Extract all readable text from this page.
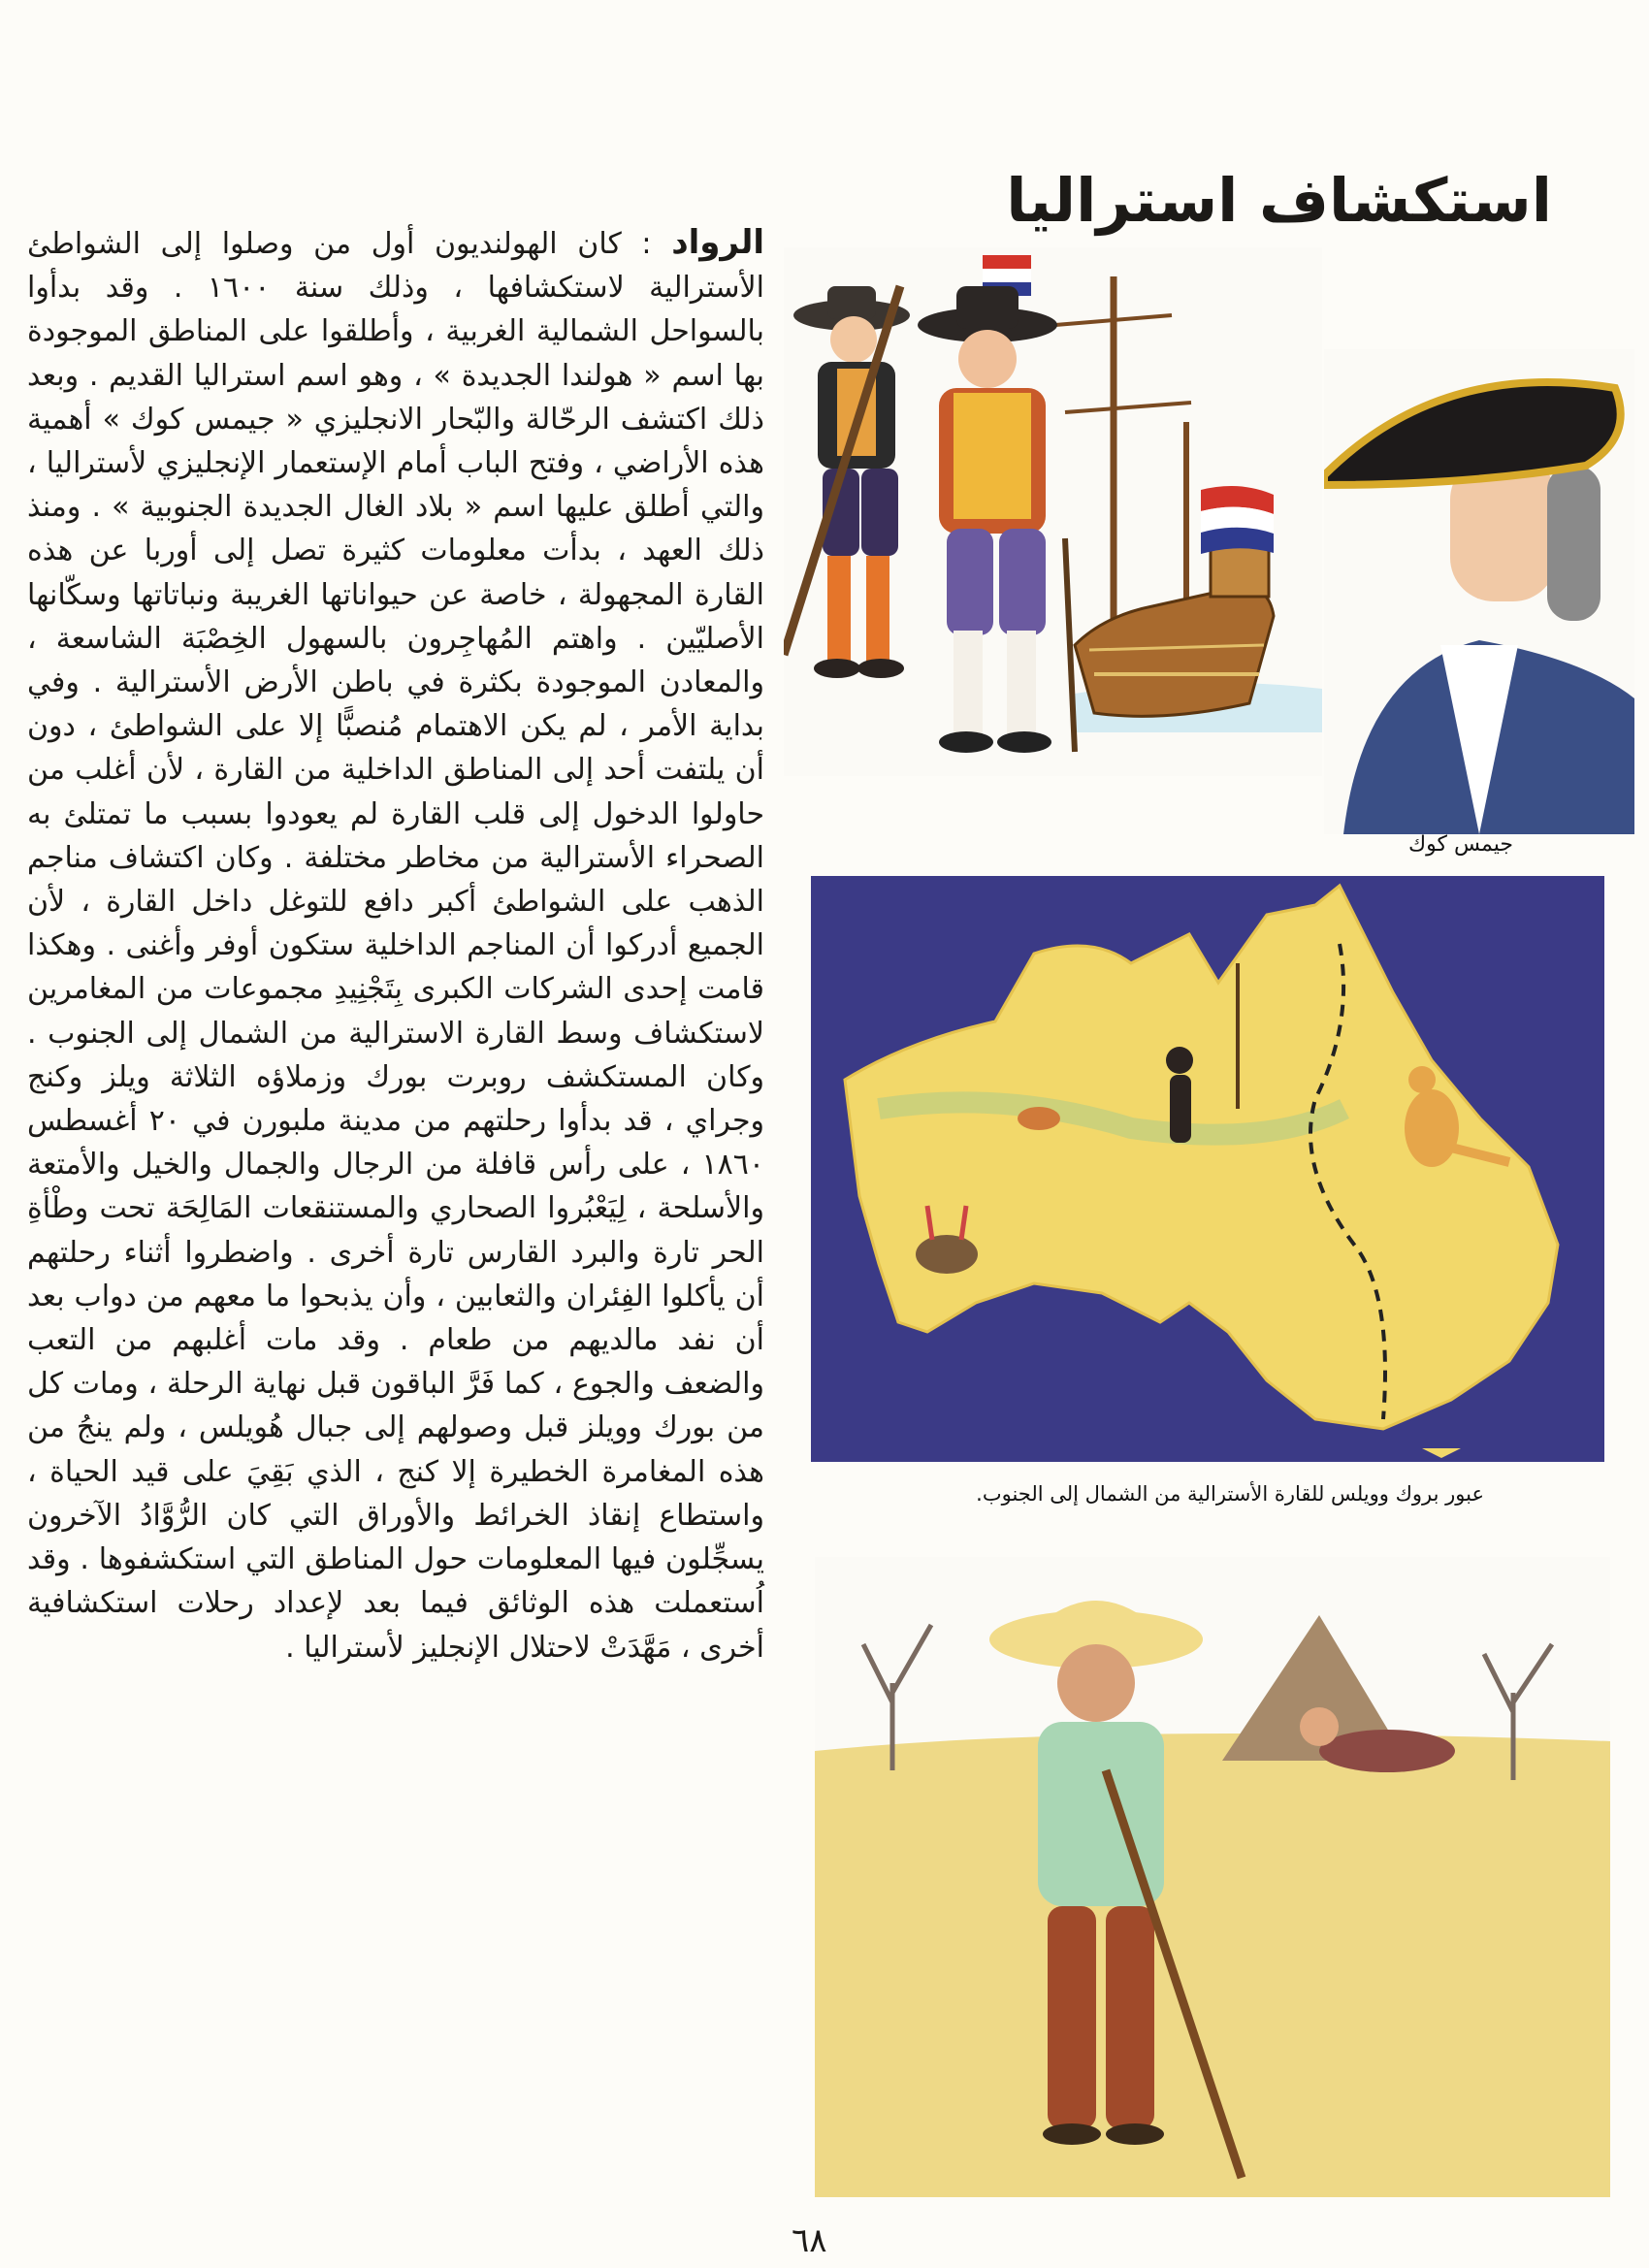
استكشاف استراليا
الرواد : كان الهولنديون أول من وصلوا إلى الشواطئ الأسترالية لاستكشافها ، وذلك سنة ١٦٠٠ . وقد بدأوا بالسواحل الشمالية الغربية ، وأطلقوا على المناطق الموجودة بها اسم « هولندا الجديدة » ، وهو اسم استراليا القديم . وبعد ذلك اكتشف الرحّالة والبّحار الانجليزي « جيمس كوك » أهمية هذه الأراضي ، وفتح الباب أمام الإستعمار الإنجليزي لأستراليا ، والتي أطلق عليها اسم « بلاد الغال الجديدة الجنوبية » . ومنذ ذلك العهد ، بدأت معلومات كثيرة تصل إلى أوربا عن هذه القارة المجهولة ، خاصة عن حيواناتها الغريبة ونباتاتها وسكّانها الأصليّين . واهتم المُهاجِرون بالسهول الخِصْبَة الشاسعة ، والمعادن الموجودة بكثرة في باطن الأرض الأسترالية . وفي بداية الأمر ، لم يكن الاهتمام مُنصبًّا إلا على الشواطئ ، دون أن يلتفت أحد إلى المناطق الداخلية من القارة ، لأن أغلب من حاولوا الدخول إلى قلب القارة لم يعودوا بسبب ما تمتلئ به الصحراء الأسترالية من مخاطر مختلفة . وكان اكتشاف مناجم الذهب على الشواطئ أكبر دافع للتوغل داخل القارة ، لأن الجميع أدركوا أن المناجم الداخلية ستكون أوفر وأغنى . وهكذا قامت إحدى الشركات الكبرى بِتَجْنِيدِ مجموعات من المغامرين لاستكشاف وسط القارة الاسترالية من الشمال إلى الجنوب . وكان المستكشف روبرت بورك وزملاؤه الثلاثة ويلز وكنج وجراي ، قد بدأوا رحلتهم من مدينة ملبورن في ٢٠ أغسطس ١٨٦٠ ، على رأس قافلة من الرجال والجمال والخيل والأمتعة والأسلحة ، لِيَعْبُروا الصحاري والمستنقعات المَالِحَة تحت وطْأةِ الحر تارة والبرد القارس تارة أخرى . واضطروا أثناء رحلتهم أن يأكلوا الفِئران والثعابين ، وأن يذبحوا ما معهم من دواب بعد أن نفد مالديهم من طعام . وقد مات أغلبهم من التعب والضعف والجوع ، كما فَرَّ الباقون قبل نهاية الرحلة ، ومات كل من بورك وويلز قبل وصولهم إلى جبال هُويلس ، ولم ينجُ من هذه المغامرة الخطيرة إلا كنج ، الذي بَقِيَ على قيد الحياة ، واستطاع إنقاذ الخرائط والأوراق التي كان الرُّوَّادُ الآخرون يسجِّلون فيها المعلومات حول المناطق التي استكشفوها . وقد اُستعملت هذه الوثائق فيما بعد لإعداد رحلات استكشافية أخرى ، مَهَّدَتْ لاحتلال الإنجليز لأستراليا .
جيمس كوك
عبور بروك وويلس للقارة الأسترالية من الشمال إلى الجنوب.
٦٨
